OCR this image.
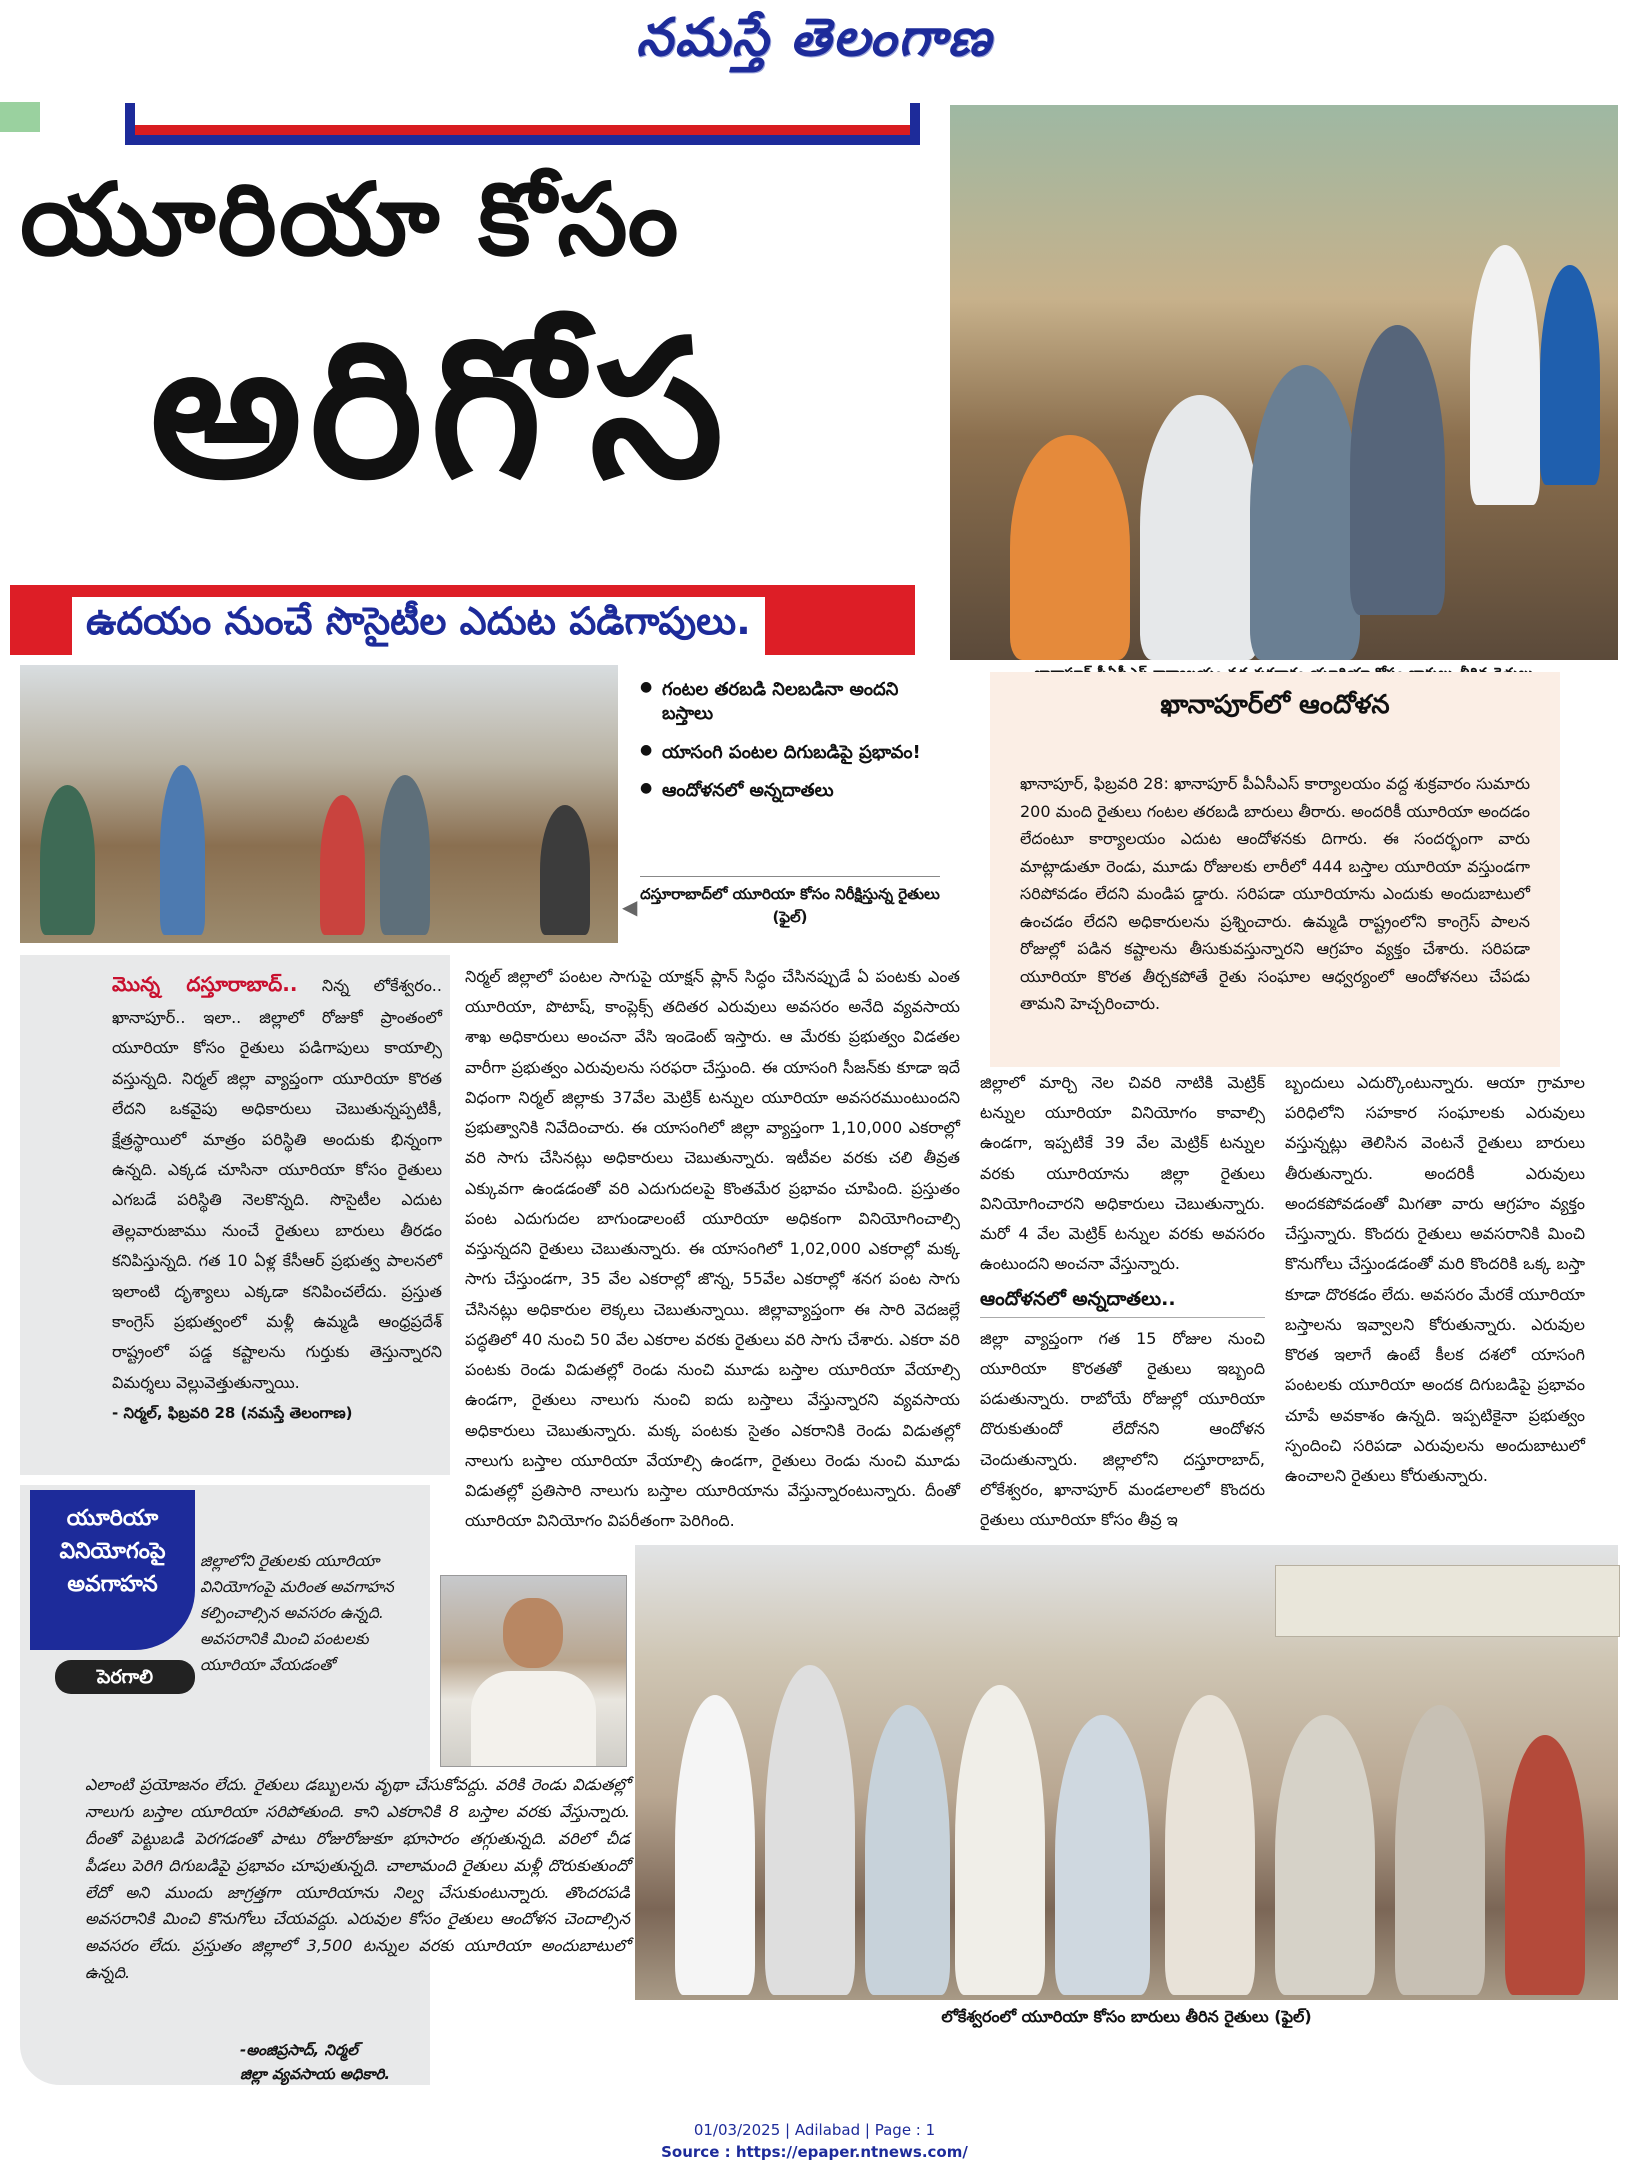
నమస్తే తెలంగాణ
యూరియా కోసం
అరిగోస
ఉదయం నుంచే సొసైటీల ఎదుట పడిగాపులు.
● గంటల తరబడి నిలబడినా అందని బస్తాలు
● యాసంగి పంటల దిగుబడిపై ప్రభావం!
● ఆందోళనలో అన్నదాతలు
◀
దస్తూరాబాద్‌లో యూరియా కోసం నిరీక్షిస్తున్న రైతులు (ఫైల్)
ఖానాపూర్‌లో ఆందోళన

ఖానాపూర్, ఫిబ్రవరి 28: ఖానాపూర్ పీఏసీఎస్ కార్యాలయం వద్ద శుక్రవారం సుమారు 200 మంది రైతులు గంటల తరబడి బారులు తీరారు. అందరికీ యూరియా అందడం లేదంటూ కార్యాలయం ఎదుట ఆందోళనకు దిగారు. ఈ సందర్భంగా వారు మాట్లాడుతూ రెండు, మూడు రోజులకు లారీలో 444 బస్తాల యూరియా వస్తుండగా సరిపోవడం లేదని మండిప డ్డారు. సరిపడా యూరియాను ఎందుకు అందుబాటులో ఉంచడం లేదని అధికారులను ప్రశ్నించారు. ఉమ్మడి రాష్ట్రంలోని కాంగ్రెస్ పాలన రోజుల్లో పడిన కష్టాలను తీసుకువస్తున్నారని ఆగ్రహం వ్యక్తం చేశారు. సరిపడా యూరియా కొరత తీర్చకపోతే రైతు సంఘాల ఆధ్వర్యంలో ఆందోళనలు చేపడు తామని హెచ్చరించారు.

మొన్న దస్తూరాబాద్.. నిన్న లోకేశ్వరం.. ఖానాపూర్.. ఇలా.. జిల్లాలో రోజుకో ప్రాంతంలో యూరియా కోసం రైతులు పడిగాపులు కాయాల్సి వస్తున్నది. నిర్మల్ జిల్లా వ్యాప్తంగా యూరియా కొరత లేదని ఒకవైపు అధికారులు చెబుతున్నప్పటికీ, క్షేత్రస్థాయిలో మాత్రం పరిస్థితి అందుకు భిన్నంగా ఉన్నది. ఎక్కడ చూసినా యూరియా కోసం రైతులు ఎగబడే పరిస్థితి నెలకొన్నది. సొసైటీల ఎదుట తెల్లవారుజాము నుంచే రైతులు బారులు తీరడం కనిపిస్తున్నది. గత 10 ఏళ్ల కేసీఆర్ ప్రభుత్వ పాలనలో ఇలాంటి దృశ్యాలు ఎక్కడా కనిపించలేదు. ప్రస్తుత కాంగ్రెస్ ప్రభుత్వంలో మళ్లీ ఉమ్మడి ఆంధ్రప్రదేశ్ రాష్ట్రంలో పడ్డ కష్టాలను గుర్తుకు తెస్తున్నారని విమర్శలు వెల్లువెత్తుతున్నాయి.
- నిర్మల్, ఫిబ్రవరి 28 (నమస్తే తెలంగాణ)

నిర్మల్ జిల్లాలో పంటల సాగుపై యాక్షన్ ప్లాన్ సిద్ధం చేసినప్పుడే ఏ పంటకు ఎంత యూరియా, పొటాష్, కాంప్లెక్స్ తదితర ఎరువులు అవసరం అనేది వ్యవసాయ శాఖ అధికారులు అంచనా వేసి ఇండెంట్ ఇస్తారు. ఆ మేరకు ప్రభుత్వం విడతల వారీగా ప్రభుత్వం ఎరువులను సరఫరా చేస్తుంది. ఈ యాసంగి సీజన్‌కు కూడా ఇదే విధంగా నిర్మల్ జిల్లాకు 37వేల మెట్రిక్ టన్నుల యూరియా అవసరముంటుందని ప్రభుత్వానికి నివేదించారు. ఈ యాసంగిలో జిల్లా వ్యాప్తంగా 1,10,000 ఎకరాల్లో వరి సాగు చేసినట్లు అధికారులు చెబుతున్నారు. ఇటీవల వరకు చలి తీవ్రత ఎక్కువగా ఉండడంతో వరి ఎదుగుదలపై కొంతమేర ప్రభావం చూపింది. ప్రస్తుతం పంట ఎదుగుదల బాగుండాలంటే యూరియా అధికంగా వినియోగించాల్సి వస్తున్నదని రైతులు చెబుతున్నారు. ఈ యాసంగిలో 1,02,000 ఎకరాల్లో మక్క సాగు చేస్తుండగా, 35 వేల ఎకరాల్లో జొన్న, 55వేల ఎకరాల్లో శనగ పంట సాగు చేసినట్లు అధికారుల లెక్కలు చెబుతున్నాయి. జిల్లావ్యాప్తంగా ఈ సారి వెదజల్లే పద్ధతిలో 40 నుంచి 50 వేల ఎకరాల వరకు రైతులు వరి సాగు చేశారు. ఎకరా వరి పంటకు రెండు విడుతల్లో రెండు నుంచి మూడు బస్తాల యూరియా వేయాల్సి ఉండగా, రైతులు నాలుగు నుంచి ఐదు బస్తాలు వేస్తున్నారని వ్యవసాయ అధికారులు చెబుతున్నారు. మక్క పంటకు సైతం ఎకరానికి రెండు విడుతల్లో నాలుగు బస్తాల యూరియా వేయాల్సి ఉండగా, రైతులు రెండు నుంచి మూడు విడుతల్లో ప్రతిసారి నాలుగు బస్తాల యూరియాను వేస్తున్నారంటున్నారు. దీంతో యూరియా వినియోగం విపరీతంగా పెరిగింది.

జిల్లాలో మార్చి నెల చివరి నాటికి మెట్రిక్ టన్నుల యూరియా వినియోగం కావాల్సి ఉండగా, ఇప్పటికే 39 వేల మెట్రిక్ టన్నుల వరకు యూరియాను జిల్లా రైతులు వినియోగించారని అధికారులు చెబుతున్నారు. మరో 4 వేల మెట్రిక్ టన్నుల వరకు అవసరం ఉంటుందని అంచనా వేస్తున్నారు.

ఆందోళనలో అన్నదాతలు..

జిల్లా వ్యాప్తంగా గత 15 రోజుల నుంచి యూరియా కొరతతో రైతులు ఇబ్బంది పడుతున్నారు. రాబోయే రోజుల్లో యూరియా దొరుకుతుందో లేదోనని ఆందోళన చెందుతున్నారు. జిల్లాలోని దస్తూరాబాద్, లోకేశ్వరం, ఖానాపూర్ మండలాలలో కొందరు రైతులు యూరియా కోసం తీవ్ర ఇ

బ్బందులు ఎదుర్కొంటున్నారు. ఆయా గ్రామాల పరిధిలోని సహకార సంఘాలకు ఎరువులు వస్తున్నట్లు తెలిసిన వెంటనే రైతులు బారులు తీరుతున్నారు. అందరికీ ఎరువులు అందకపోవడంతో మిగతా వారు ఆగ్రహం వ్యక్తం చేస్తున్నారు. కొందరు రైతులు అవసరానికి మించి కొనుగోలు చేస్తుండడంతో మరి కొందరికి ఒక్క బస్తా కూడా దొరకడం లేదు. అవసరం మేరకే యూరియా బస్తాలను ఇవ్వాలని కోరుతున్నారు. ఎరువుల కొరత ఇలాగే ఉంటే కీలక దశలో యాసంగి పంటలకు యూరియా అందక దిగుబడిపై ప్రభావం చూపే అవకాశం ఉన్నది. ఇప్పటికైనా ప్రభుత్వం స్పందించి సరిపడా ఎరువులను అందుబాటులో ఉంచాలని రైతులు కోరుతున్నారు.

యూరియా
వినియోగంపై
అవగాహన
పెరగాలి

జిల్లాలోని రైతులకు యూరియా వినియోగంపై మరింత అవగాహన కల్పించాల్సిన అవసరం ఉన్నది. అవసరానికి మించి పంటలకు యూరియా వేయడంతో

ఎలాంటి ప్రయోజనం లేదు. రైతులు డబ్బులను వృథా చేసుకోవద్దు. వరికి రెండు విడుతల్లో నాలుగు బస్తాల యూరియా సరిపోతుంది. కాని ఎకరానికి 8 బస్తాల వరకు వేస్తున్నారు. దీంతో పెట్టుబడి పెరగడంతో పాటు రోజురోజుకూ భూసారం తగ్గుతున్నది. వరిలో చీడ పీడలు పెరిగి దిగుబడిపై ప్రభావం చూపుతున్నది. చాలామంది రైతులు మళ్లీ దొరుకుతుందో లేదో అని ముందు జాగ్రత్తగా యూరియాను నిల్వ చేసుకుంటున్నారు. తొందరపడి అవసరానికి మించి కొనుగోలు చేయవద్దు. ఎరువుల కోసం రైతులు ఆందోళన చెందాల్సిన అవసరం లేదు. ప్రస్తుతం జిల్లాలో 3,500 టన్నుల వరకు యూరియా అందుబాటులో ఉన్నది.

-అంజిప్రసాద్, నిర్మల్
జిల్లా వ్యవసాయ అధికారి.
లోకేశ్వరంలో యూరియా కోసం బారులు తీరిన రైతులు (ఫైల్)
01/03/2025 | Adilabad | Page : 1
Source : https://epaper.ntnews.com/
